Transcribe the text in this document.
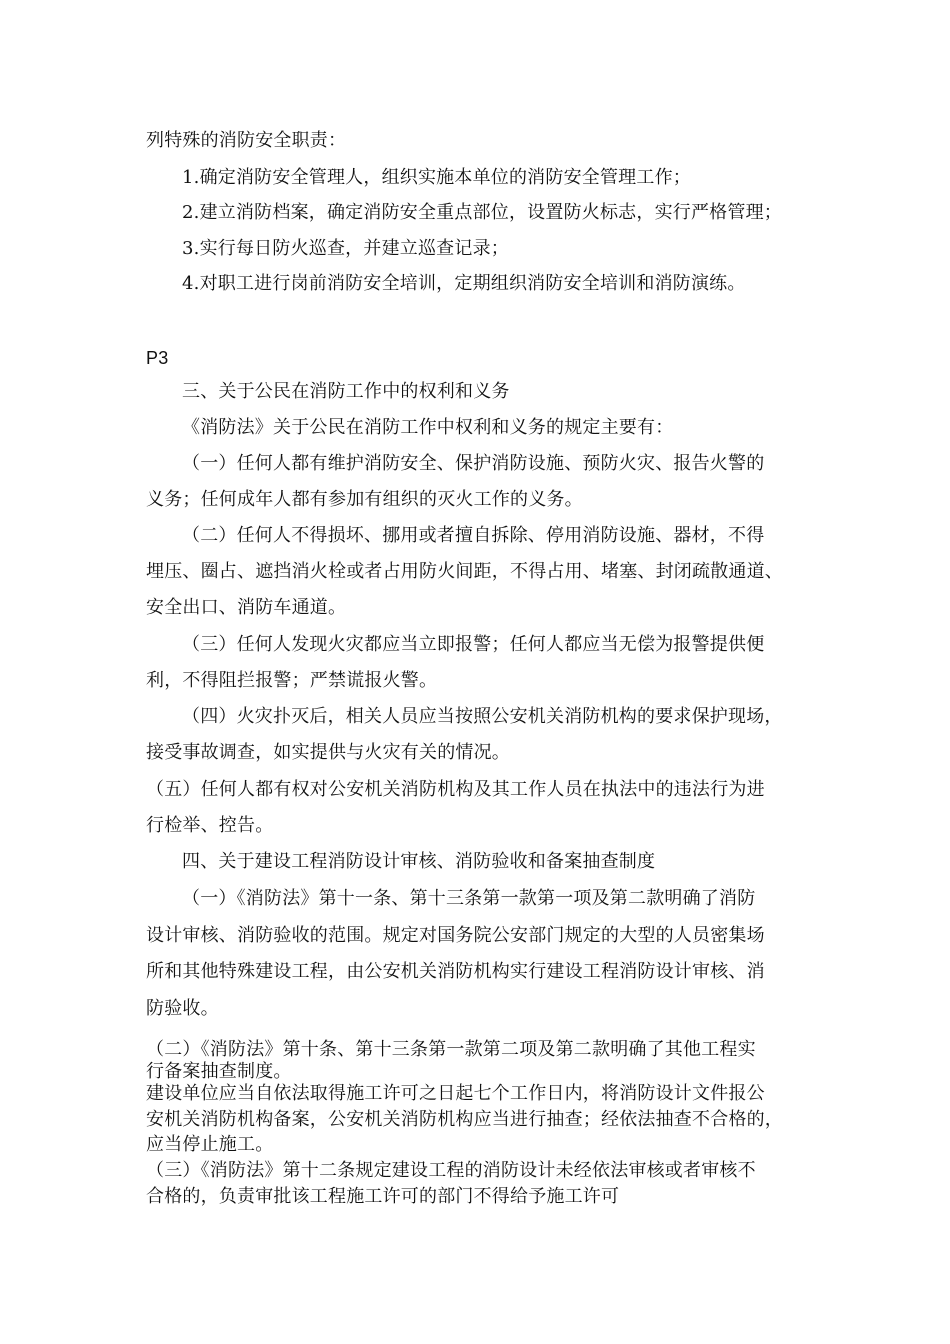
列特殊的消防安全职责：
1.确定消防安全管理人，组织实施本单位的消防安全管理工作；
2.建立消防档案，确定消防安全重点部位，设置防火标志，实行严格管理；
3.实行每日防火巡查，并建立巡查记录；
4.对职工进行岗前消防安全培训，定期组织消防安全培训和消防演练。
P3
三、关于公民在消防工作中的权利和义务
《消防法》关于公民在消防工作中权利和义务的规定主要有：
（一）任何人都有维护消防安全、保护消防设施、预防火灾、报告火警的
义务；任何成年人都有参加有组织的灭火工作的义务。
（二）任何人不得损坏、挪用或者擅自拆除、停用消防设施、器材，不得
埋压、圈占、遮挡消火栓或者占用防火间距，不得占用、堵塞、封闭疏散通道、
安全出口、消防车通道。
（三）任何人发现火灾都应当立即报警；任何人都应当无偿为报警提供便
利，不得阻拦报警；严禁谎报火警。
（四）火灾扑灭后，相关人员应当按照公安机关消防机构的要求保护现场，
接受事故调查，如实提供与火灾有关的情况。
（五）任何人都有权对公安机关消防机构及其工作人员在执法中的违法行为进
行检举、控告。
四、关于建设工程消防设计审核、消防验收和备案抽查制度
（一）《消防法》第十一条、第十三条第一款第一项及第二款明确了消防
设计审核、消防验收的范围。规定对国务院公安部门规定的大型的人员密集场
所和其他特殊建设工程，由公安机关消防机构实行建设工程消防设计审核、消
防验收。
（二）《消防法》第十条、第十三条第一款第二项及第二款明确了其他工程实
行备案抽查制度。
建设单位应当自依法取得施工许可之日起七个工作日内，将消防设计文件报公
安机关消防机构备案，公安机关消防机构应当进行抽查；经依法抽查不合格的，
应当停止施工。
（三）《消防法》第十二条规定建设工程的消防设计未经依法审核或者审核不
合格的，负责审批该工程施工许可的部门不得给予施工许可
